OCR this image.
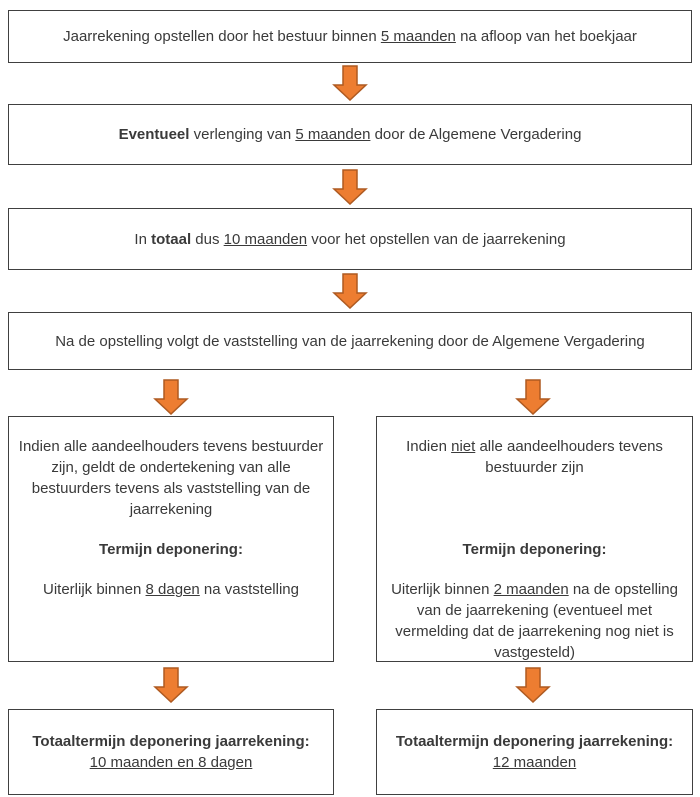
Jaarrekening opstellen door het bestuur binnen 5 maanden na afloop van het boekjaar
Eventueel verlenging van 5 maanden door de Algemene Vergadering
In totaal dus 10 maanden voor het opstellen van de jaarrekening
Na de opstelling volgt de vaststelling van de jaarrekening door de Algemene Vergadering
Indien alle aandeelhouders tevens bestuurder zijn, geldt de ondertekening van alle bestuurders tevens als vaststelling van de jaarrekening
Termijn deponering:
Uiterlijk binnen 8 dagen na vaststelling
Indien niet alle aandeelhouders tevens bestuurder zijn
Termijn deponering:
Uiterlijk binnen 2 maanden na de opstelling van de jaarrekening (eventueel met vermelding dat de jaarrekening nog niet is vastgesteld)
Totaaltermijn deponering jaarrekening:
10 maanden en 8 dagen
Totaaltermijn deponering jaarrekening:
12 maanden
